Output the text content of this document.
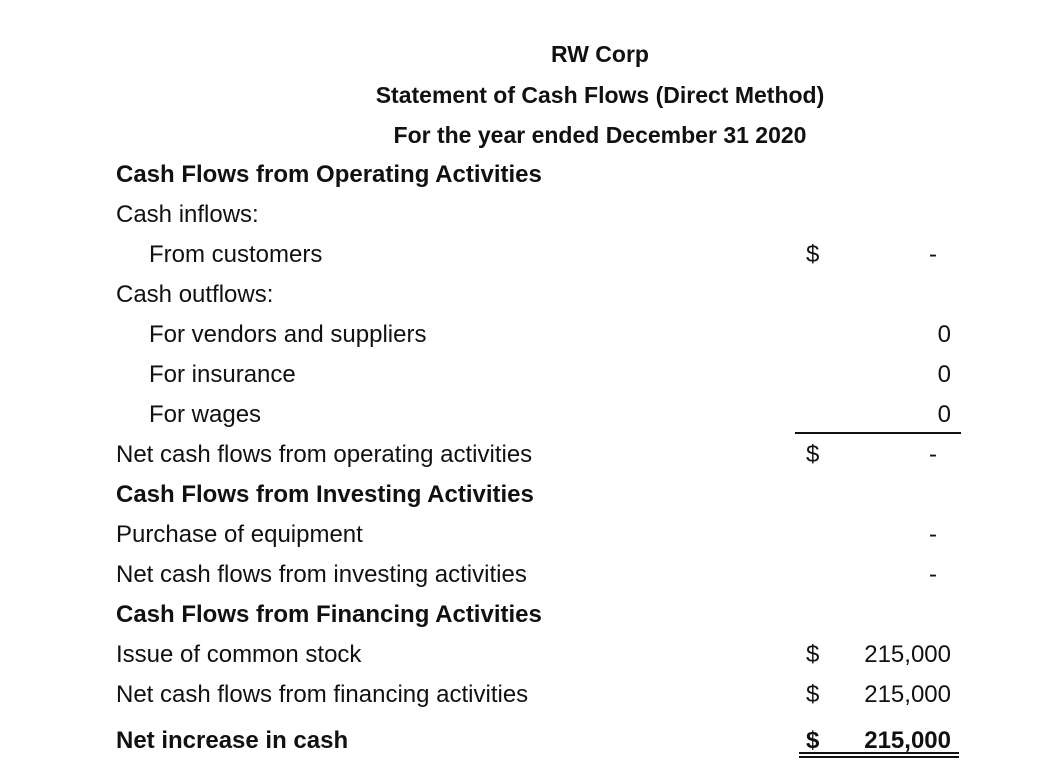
RW Corp
Statement of Cash Flows (Direct Method)
For the year ended December 31 2020
Cash Flows from Operating Activities
Cash inflows:
From customers	$	-
Cash outflows:
For vendors and suppliers	0
For insurance	0
For wages	0
Net cash flows from operating activities	$	-
Cash Flows from Investing Activities
Purchase of equipment	-
Net cash flows from investing activities	-
Cash Flows from Financing Activities
Issue of common stock	$	215,000
Net cash flows from financing activities	$	215,000
Net increase in cash	$	215,000
